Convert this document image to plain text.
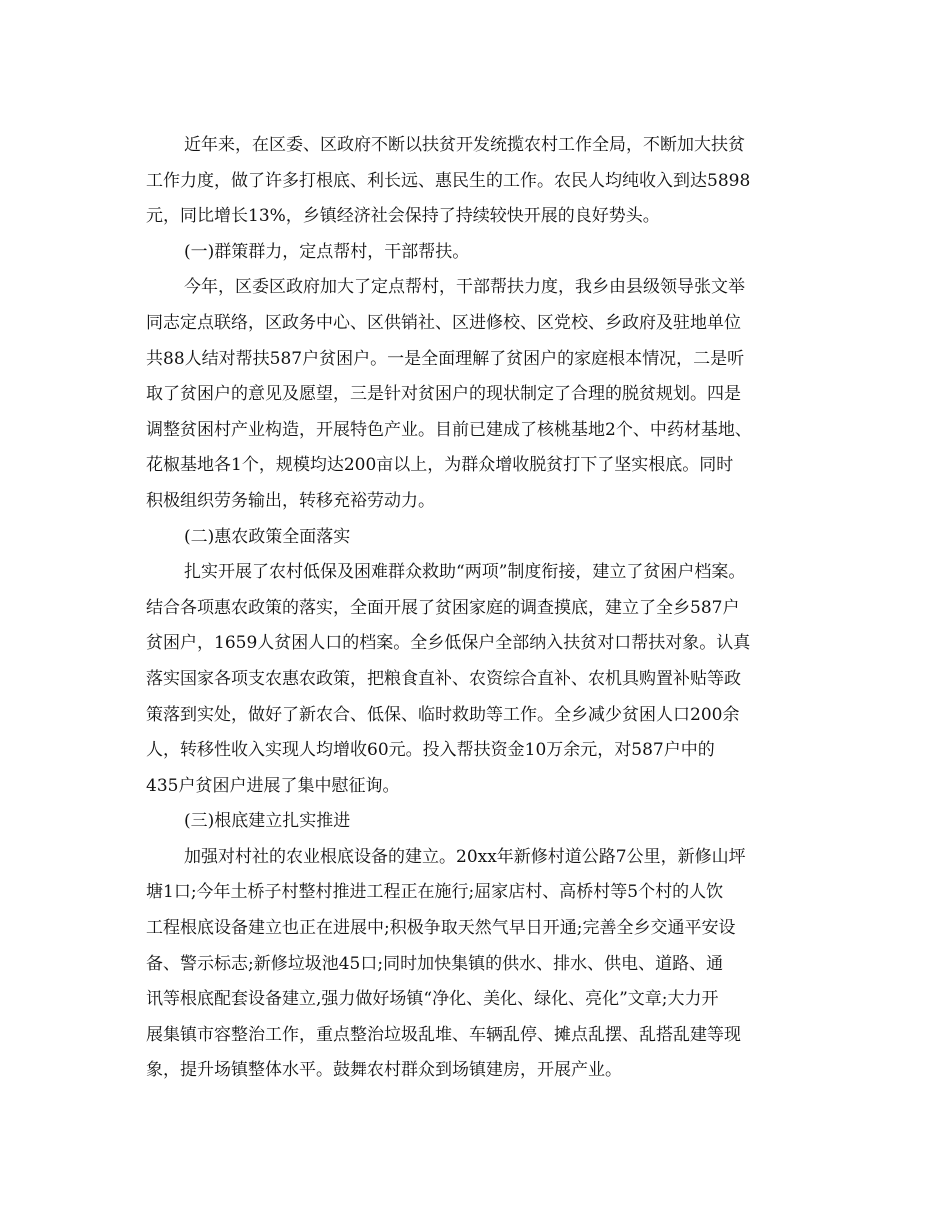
近年来，在区委、区政府不断以扶贫开发统揽农村工作全局，不断加大扶贫
工作力度，做了许多打根底、利长远、惠民生的工作。农民人均纯收入到达5898
元，同比增长13%，乡镇经济社会保持了持续较快开展的良好势头。
(一)群策群力，定点帮村，干部帮扶。
今年，区委区政府加大了定点帮村，干部帮扶力度，我乡由县级领导张文举
同志定点联络，区政务中心、区供销社、区进修校、区党校、乡政府及驻地单位
共88人结对帮扶587户贫困户。一是全面理解了贫困户的家庭根本情况，二是听
取了贫困户的意见及愿望，三是针对贫困户的现状制定了合理的脱贫规划。四是
调整贫困村产业构造，开展特色产业。目前已建成了核桃基地2个、中药材基地、
花椒基地各1个，规模均达200亩以上，为群众增收脱贫打下了坚实根底。同时
积极组织劳务输出，转移充裕劳动力。
(二)惠农政策全面落实
扎实开展了农村低保及困难群众救助“两项”制度衔接，建立了贫困户档案。
结合各项惠农政策的落实，全面开展了贫困家庭的调查摸底，建立了全乡587户
贫困户，1659人贫困人口的档案。全乡低保户全部纳入扶贫对口帮扶对象。认真
落实国家各项支农惠农政策，把粮食直补、农资综合直补、农机具购置补贴等政
策落到实处，做好了新农合、低保、临时救助等工作。全乡减少贫困人口200余
人，转移性收入实现人均增收60元。投入帮扶资金10万余元，对587户中的
435户贫困户进展了集中慰征询。
(三)根底建立扎实推进
加强对村社的农业根底设备的建立。20xx年新修村道公路7公里，新修山坪
塘1口;今年土桥子村整村推进工程正在施行;屈家店村、高桥村等5个村的人饮
工程根底设备建立也正在进展中;积极争取天然气早日开通;完善全乡交通平安设
备、警示标志;新修垃圾池45口;同时加快集镇的供水、排水、供电、道路、通
讯等根底配套设备建立,强力做好场镇“净化、美化、绿化、亮化”文章;大力开
展集镇市容整治工作，重点整治垃圾乱堆、车辆乱停、摊点乱摆、乱搭乱建等现
象，提升场镇整体水平。鼓舞农村群众到场镇建房，开展产业。
